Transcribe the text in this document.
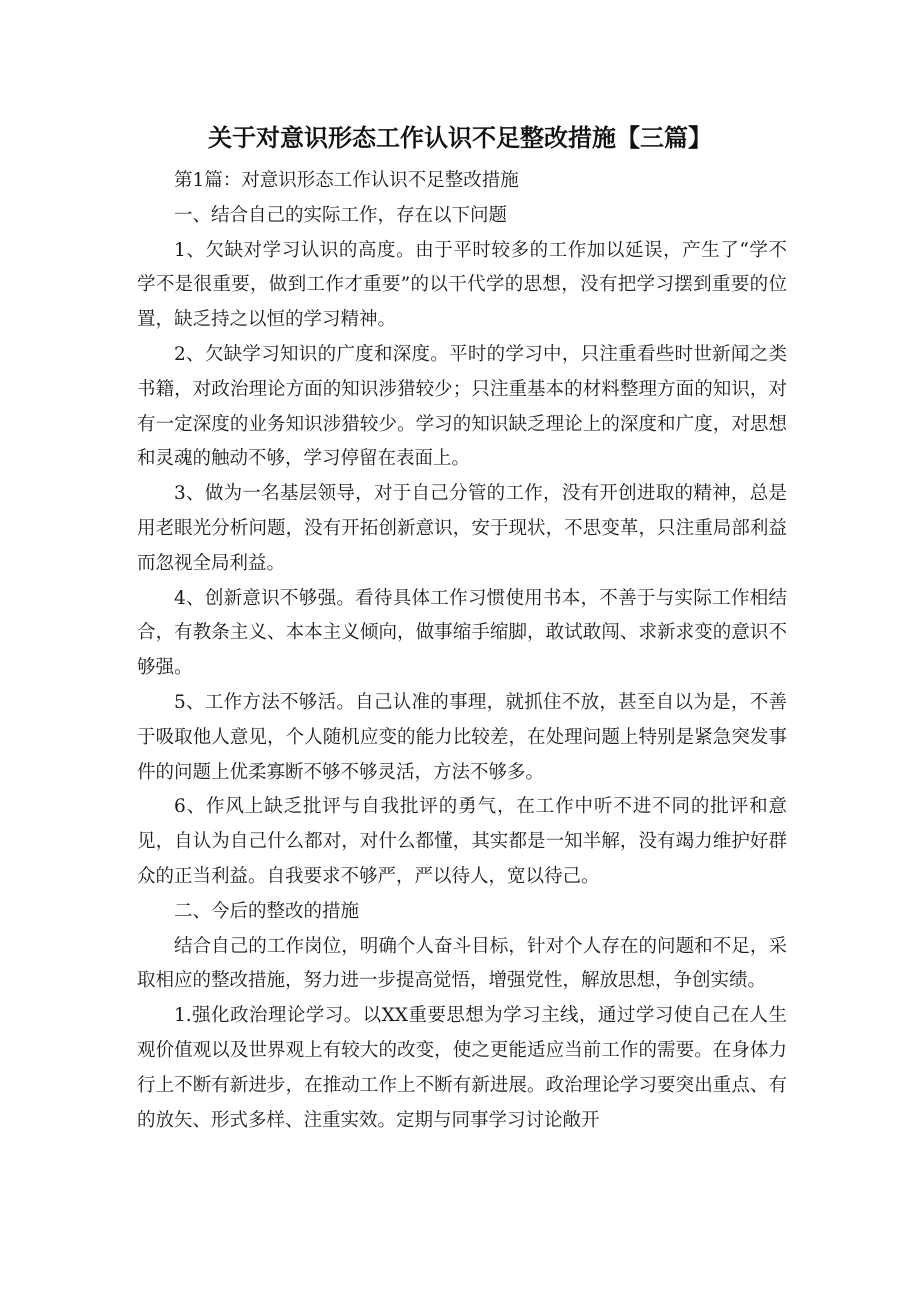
关于对意识形态工作认识不足整改措施【三篇】

第1篇：对意识形态工作认识不足整改措施

一、结合自己的实际工作，存在以下问题

1、欠缺对学习认识的高度。由于平时较多的工作加以延误，产生了“学不学不是很重要，做到工作才重要”的以干代学的思想，没有把学习摆到重要的位置，缺乏持之以恒的学习精神。

2、欠缺学习知识的广度和深度。平时的学习中，只注重看些时世新闻之类书籍，对政治理论方面的知识涉猎较少；只注重基本的材料整理方面的知识，对有一定深度的业务知识涉猎较少。学习的知识缺乏理论上的深度和广度，对思想和灵魂的触动不够，学习停留在表面上。

3、做为一名基层领导，对于自己分管的工作，没有开创进取的精神，总是用老眼光分析问题，没有开拓创新意识，安于现状，不思变革，只注重局部利益而忽视全局利益。

4、创新意识不够强。看待具体工作习惯使用书本，不善于与实际工作相结合，有教条主义、本本主义倾向，做事缩手缩脚，敢试敢闯、求新求变的意识不够强。

5、工作方法不够活。自己认准的事理，就抓住不放，甚至自以为是，不善于吸取他人意见，个人随机应变的能力比较差，在处理问题上特别是紧急突发事件的问题上优柔寡断不够不够灵活，方法不够多。

6、作风上缺乏批评与自我批评的勇气，在工作中听不进不同的批评和意见，自认为自己什么都对，对什么都懂，其实都是一知半解，没有竭力维护好群众的正当利益。自我要求不够严，严以待人，宽以待己。

二、今后的整改的措施

结合自己的工作岗位，明确个人奋斗目标，针对个人存在的问题和不足，采取相应的整改措施，努力进一步提高觉悟，增强党性，解放思想，争创实绩。

1.强化政治理论学习。以XX重要思想为学习主线，通过学习使自己在人生观价值观以及世界观上有较大的改变，使之更能适应当前工作的需要。在身体力行上不断有新进步，在推动工作上不断有新进展。政治理论学习要突出重点、有的放矢、形式多样、注重实效。定期与同事学习讨论敞开
